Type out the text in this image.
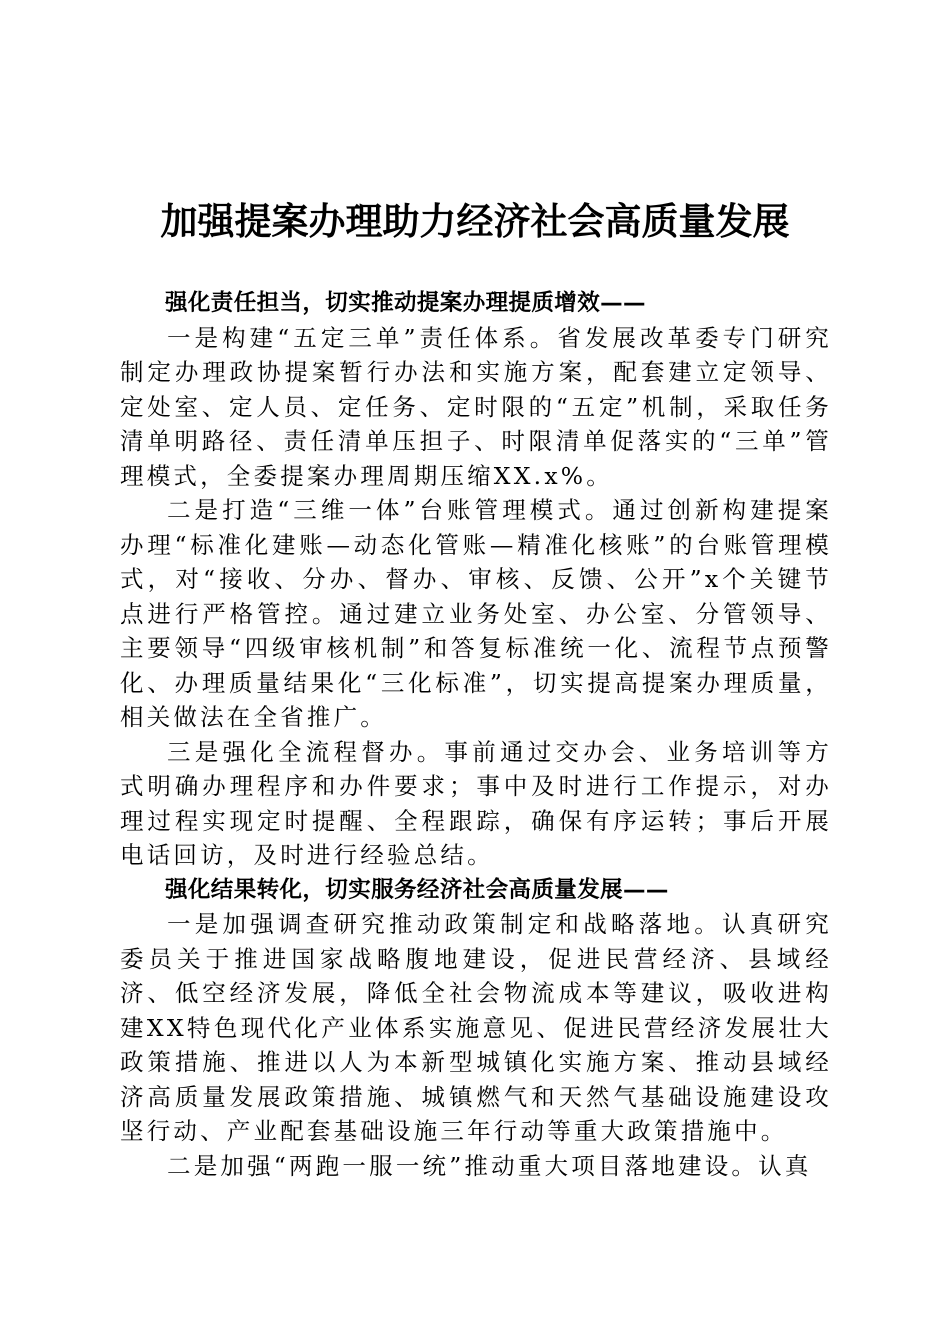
加强提案办理助力经济社会高质量发展

强化责任担当，切实推动提案办理提质增效——

一是构建“五定三单”责任体系。省发展改革委专门研究制定办理政协提案暂行办法和实施方案，配套建立定领导、定处室、定人员、定任务、定时限的“五定”机制，采取任务清单明路径、责任清单压担子、时限清单促落实的“三单”管理模式，全委提案办理周期压缩XX.x%。

二是打造“三维一体”台账管理模式。通过创新构建提案办理“标准化建账—动态化管账—精准化核账”的台账管理模式，对“接收、分办、督办、审核、反馈、公开”x个关键节点进行严格管控。通过建立业务处室、办公室、分管领导、主要领导“四级审核机制”和答复标准统一化、流程节点预警化、办理质量结果化“三化标准”，切实提高提案办理质量，相关做法在全省推广。

三是强化全流程督办。事前通过交办会、业务培训等方式明确办理程序和办件要求；事中及时进行工作提示，对办理过程实现定时提醒、全程跟踪，确保有序运转；事后开展电话回访，及时进行经验总结。

强化结果转化，切实服务经济社会高质量发展——

一是加强调查研究推动政策制定和战略落地。认真研究委员关于推进国家战略腹地建设，促进民营经济、县域经济、低空经济发展，降低全社会物流成本等建议，吸收进构建XX特色现代化产业体系实施意见、促进民营经济发展壮大政策措施、推进以人为本新型城镇化实施方案、推动县域经济高质量发展政策措施、城镇燃气和天然气基础设施建设攻坚行动、产业配套基础设施三年行动等重大政策措施中。

二是加强“两跑一服一统”推动重大项目落地建设。认真
